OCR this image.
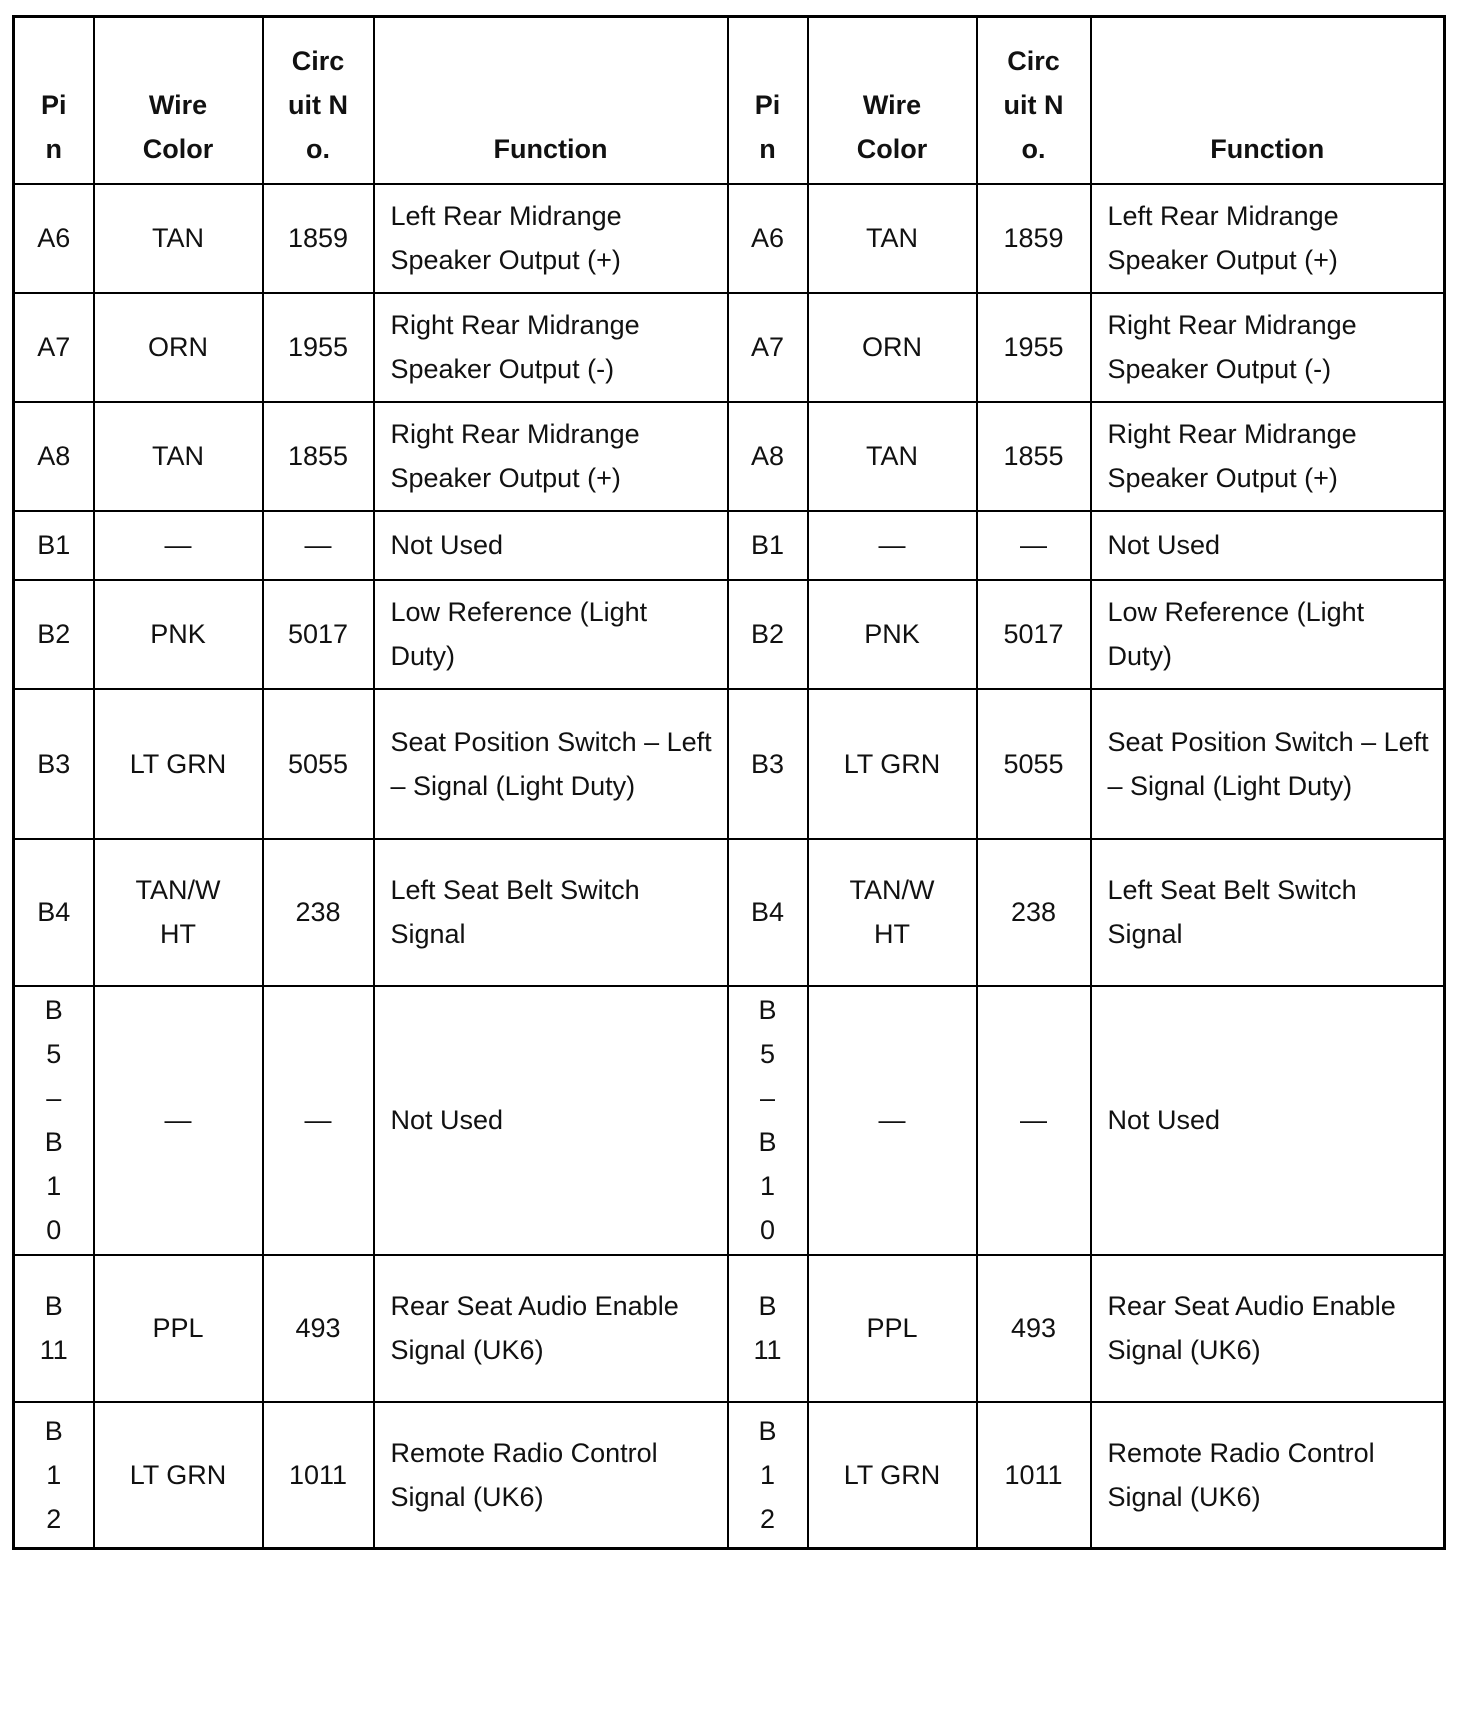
Pin	Wire Color	Circuit No.	Function	Pin	Wire Color	Circuit No.	Function
A6	TAN	1859	Left Rear Midrange Speaker Output (+)	A6	TAN	1859	Left Rear Midrange Speaker Output (+)
A7	ORN	1955	Right Rear Midrange Speaker Output (-)	A7	ORN	1955	Right Rear Midrange Speaker Output (-)
A8	TAN	1855	Right Rear Midrange Speaker Output (+)	A8	TAN	1855	Right Rear Midrange Speaker Output (+)
B1	—	—	Not Used	B1	—	—	Not Used
B2	PNK	5017	Low Reference (Light Duty)	B2	PNK	5017	Low Reference (Light Duty)
B3	LT GRN	5055	Seat Position Switch – Left – Signal (Light Duty)	B3	LT GRN	5055	Seat Position Switch – Left – Signal (Light Duty)
B4	TAN/WHT	238	Left Seat Belt Switch Signal	B4	TAN/WHT	238	Left Seat Belt Switch Signal
B5–B10	—	—	Not Used	B5–B10	—	—	Not Used
B11	PPL	493	Rear Seat Audio Enable Signal (UK6)	B11	PPL	493	Rear Seat Audio Enable Signal (UK6)
B12	LT GRN	1011	Remote Radio Control Signal (UK6)	B12	LT GRN	1011	Remote Radio Control Signal (UK6)
